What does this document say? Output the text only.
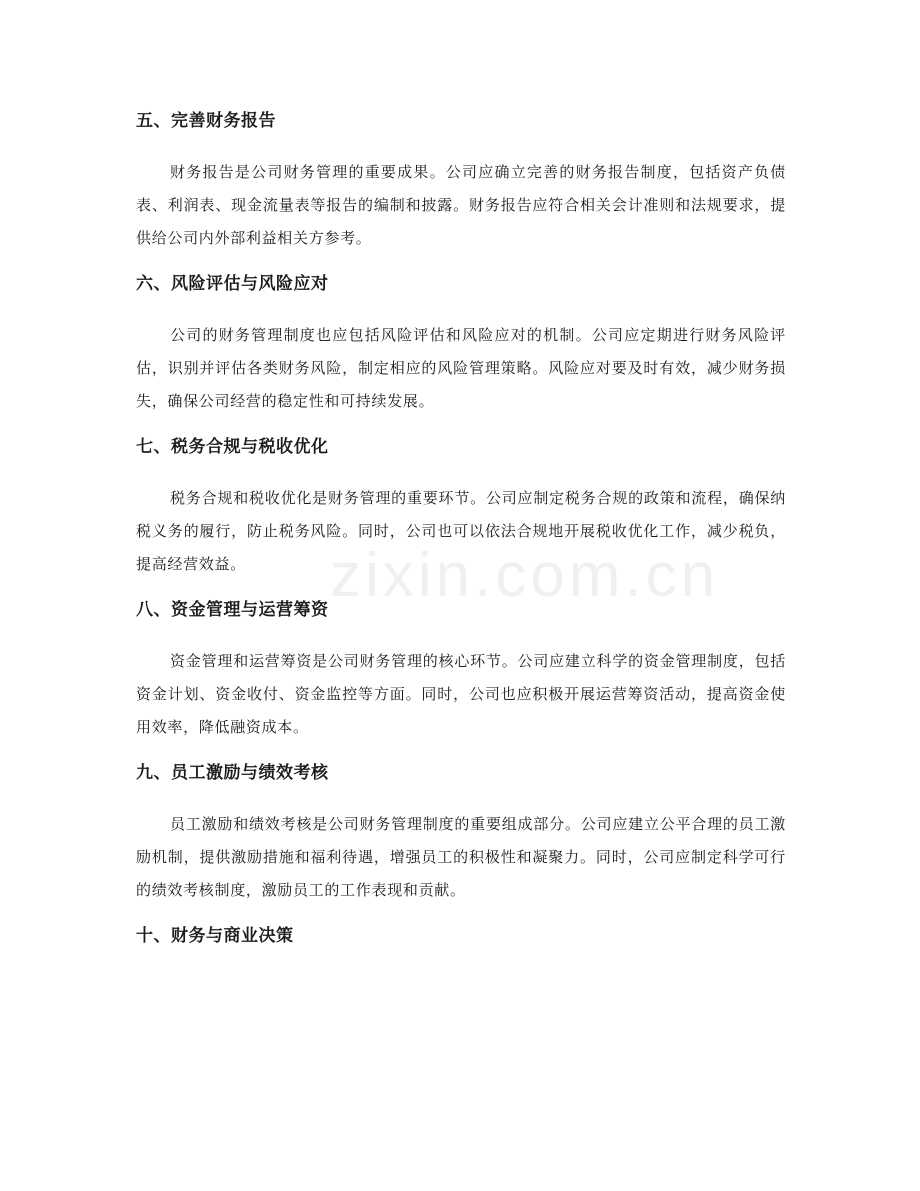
zixin.com.cn
五、完善财务报告
财务报告是公司财务管理的重要成果。公司应确立完善的财务报告制度，包括资产负债表、利润表、现金流量表等报告的编制和披露。财务报告应符合相关会计准则和法规要求，提供给公司内外部利益相关方参考。
六、风险评估与风险应对
公司的财务管理制度也应包括风险评估和风险应对的机制。公司应定期进行财务风险评估，识别并评估各类财务风险，制定相应的风险管理策略。风险应对要及时有效，减少财务损失，确保公司经营的稳定性和可持续发展。
七、税务合规与税收优化
税务合规和税收优化是财务管理的重要环节。公司应制定税务合规的政策和流程，确保纳税义务的履行，防止税务风险。同时，公司也可以依法合规地开展税收优化工作，减少税负，提高经营效益。
八、资金管理与运营筹资
资金管理和运营筹资是公司财务管理的核心环节。公司应建立科学的资金管理制度，包括资金计划、资金收付、资金监控等方面。同时，公司也应积极开展运营筹资活动，提高资金使用效率，降低融资成本。
九、员工激励与绩效考核
员工激励和绩效考核是公司财务管理制度的重要组成部分。公司应建立公平合理的员工激励机制，提供激励措施和福利待遇，增强员工的积极性和凝聚力。同时，公司应制定科学可行的绩效考核制度，激励员工的工作表现和贡献。
十、财务与商业决策
